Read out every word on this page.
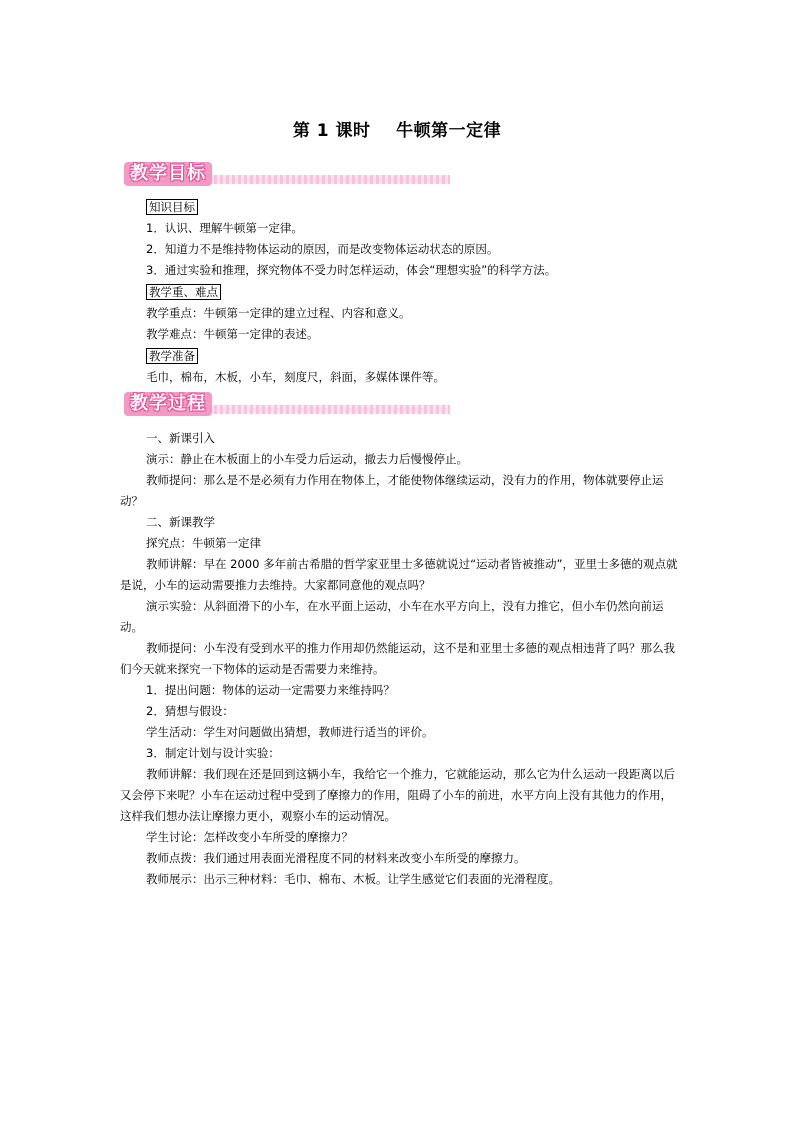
第 1 课时    牛顿第一定律
教学目标
知识目标

1．认识、理解牛顿第一定律。

2．知道力不是维持物体运动的原因，而是改变物体运动状态的原因。

3．通过实验和推理，探究物体不受力时怎样运动，体会“理想实验”的科学方法。

教学重、难点

教学重点：牛顿第一定律的建立过程、内容和意义。

教学难点：牛顿第一定律的表述。

教学准备

毛巾，棉布，木板，小车，刻度尺，斜面，多媒体课件等。

教学过程

一、新课引入

演示：静止在木板面上的小车受力后运动，撤去力后慢慢停止。

教师提问：那么是不是必须有力作用在物体上，才能使物体继续运动，没有力的作用，物体就要停止运动？

二、新课教学

探究点：牛顿第一定律

教师讲解：早在 2000 多年前古希腊的哲学家亚里士多德就说过“运动者皆被推动”，亚里士多德的观点就是说，小车的运动需要推力去维持。大家都同意他的观点吗？

演示实验：从斜面滑下的小车，在水平面上运动，小车在水平方向上，没有力推它，但小车仍然向前运动。

教师提问：小车没有受到水平的推力作用却仍然能运动，这不是和亚里士多德的观点相违背了吗？那么我们今天就来探究一下物体的运动是否需要力来维持。

1．提出问题：物体的运动一定需要力来维持吗？

2．猜想与假设：

学生活动：学生对问题做出猜想，教师进行适当的评价。

3．制定计划与设计实验：

教师讲解：我们现在还是回到这辆小车，我给它一个推力，它就能运动，那么它为什么运动一段距离以后又会停下来呢？小车在运动过程中受到了摩擦力的作用，阻碍了小车的前进，水平方向上没有其他力的作用，这样我们想办法让摩擦力更小，观察小车的运动情况。

学生讨论：怎样改变小车所受的摩擦力？

教师点拨：我们通过用表面光滑程度不同的材料来改变小车所受的摩擦力。

教师展示：出示三种材料：毛巾、棉布、木板。让学生感觉它们表面的光滑程度。
